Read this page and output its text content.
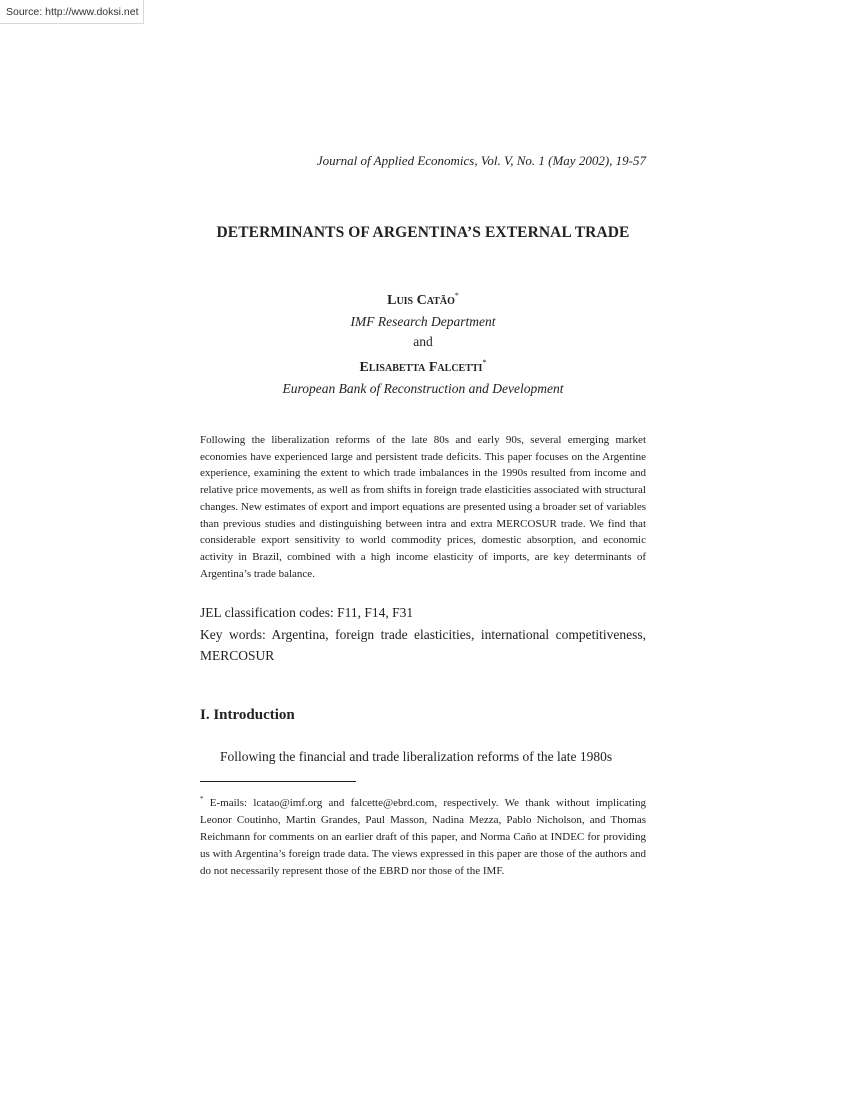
Source: http://www.doksi.net
Journal of Applied Economics, Vol. V, No. 1 (May 2002), 19-57
DETERMINANTS OF ARGENTINA’S EXTERNAL TRADE
Luis Catão*
IMF Research Department
and
Elisabetta Falcetti*
European Bank of Reconstruction and Development
Following the liberalization reforms of the late 80s and early 90s, several emerging market economies have experienced large and persistent trade deficits. This paper focuses on the Argentine experience, examining the extent to which trade imbalances in the 1990s resulted from income and relative price movements, as well as from shifts in foreign trade elasticities associated with structural changes. New estimates of export and import equations are presented using a broader set of variables than previous studies and distinguishing between intra and extra MERCOSUR trade. We find that considerable export sensitivity to world commodity prices, domestic absorption, and economic activity in Brazil, combined with a high income elasticity of imports, are key determinants of Argentina’s trade balance.
JEL classification codes: F11, F14, F31
Key words: Argentina, foreign trade elasticities, international competitiveness, MERCOSUR
I. Introduction
Following the financial and trade liberalization reforms of the late 1980s
* E-mails: lcatao@imf.org and falcette@ebrd.com, respectively. We thank without implicating Leonor Coutinho, Martin Grandes, Paul Masson, Nadina Mezza, Pablo Nicholson, and Thomas Reichmann for comments on an earlier draft of this paper, and Norma Caño at INDEC for providing us with Argentina’s foreign trade data. The views expressed in this paper are those of the authors and do not necessarily represent those of the EBRD nor those of the IMF.
